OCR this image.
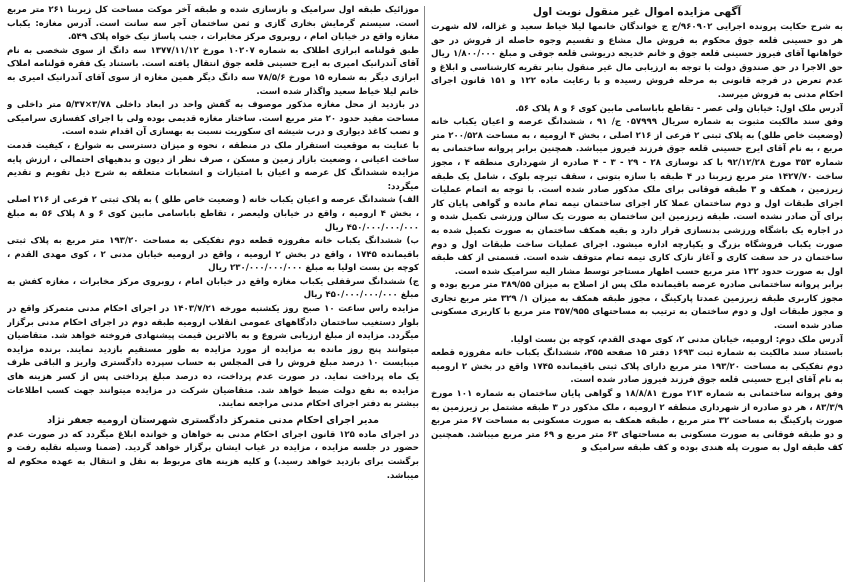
آگهی مزایده اموال غیر منقول نوبت اول

به شرح حکایت پرونده اجرایی ۹۶۰۹۰۲/ح ج خواندگان خانمها لیلا خیاط سعید و غزاله، لاله شهرت هر دو حسینی قلعه جوق محکوم به فروش مال مشاع و تقسیم وجوه حاصله از فروش در حق خواهانها آقای فیروز حسینی قلعه جوق و خانم خدیجه دریوشی قلعه جوقی و مبلغ ۱/۸۰۰/۰۰۰ ریال حق الاجرا در حق صندوق دولت با توجه به ارزیابی مال غیر منقول بنابر تقریه کارشناسی و ابلاغ و عدم تعرض در فرجه قانونی به مرحله فروش رسیده و با رعایت ماده ۱۲۲ و ۱۵۱ قانون اجرای احکام مدنی به فروش میرسد.

آدرس ملک اول: خیابان ولی عصر - تقاطع باباسامی مابین کوی ۶ و ۸ پلاک ۵۶.

وفق سند مالکیت مثبوت به شماره سریال ۰۵۷۹۹۹ ج/ ۹۱ ، ششدانگ عرصه و اعیان یکباب خانه (وضعیت خاص طلق) به پلاک ثبتی ۲ فرعی از ۲۱۶ اصلی ، بخش ۴ ارومیه ، به مساحت ۲۰۰/۵۲۸ متر مربع ، به نام آقای ایرج حسینی قلعه جوق فرزند فیروز میباشد. همچنین برابر پروانه ساختمانی به شماره ۳۵۳ مورخ ۹۲/۱۲/۲۸ با کد نوسازی ۲۸ - ۲۹ - ۳ - ۴ صادره از شهرداری منطقه ۴ ، مجوز ساخت ۱۴۲۷/۷۰ متر مربع زیربنا در ۴ طبقه با سازه بتونی ، سقف تیرچه بلوک ، شامل یک طبقه زیرزمین ، همکف و ۳ طبقه فوقانی برای ملک مذکور صادر شده است. با توجه به اتمام عملیات اجرای طبقات اول و دوم ساختمان عملا کار اجرای ساختمان نیمه تمام مانده و گواهی پایان کار برای آن صادر نشده است. طبقه زیرزمین این ساختمان به صورت یک سالن ورزشی تکمیل شده و در اجاره یک باشگاه ورزشی بدنسازی قرار دارد و بقیه همکف ساختمان به صورت تکمیل شده به صورت یکباب فروشگاه بزرگ و یکپارچه اداره میشود. اجرای عملیات ساخت طبقات اول و دوم ساختمان در حد سفت کاری و آغاز نازک کاری تیمه تمام متوقف شده است. قسمتی از کف طبقه اول به صورت حدود ۱۳۲ متر مربع حسب اظهار مستاجر توسط مشار الیه سرامیک شده است.

برابر پروانه ساختمانی صادره عرصه باقیمانده ملک پس از اصلاح به میزان ۳۸۹/۵۵ متر مربع بوده و مجوز کاربری طبقه زیرزمین عمدتا پارکینگ ، مجوز طبقه همکف به میزان ۱/ ۳۲۹ متر مربع تجاری و مجوز طبقات اول و دوم ساختمان به ترتیب به مساحتهای ۳۵۷/۹۵۵ متر مربع با کاربری مسکونی صادر شده است.

آدرس ملک دوم: ارومیه، خیابان مدنی ۲، کوی مهدی القدم، کوچه بن بست اولیا.

باستناد سند مالکیت به شماره ثبت ۱۶۹۳ دفتر ۱۵ صفحه ۳۵۵، ششدانگ یکباب خانه مفروزه قطعه دوم تفکیکی به مساحت ۱۹۳/۲۰ متر مربع دارای پلاک ثبتی باقیمانده ۱۷۴۵ واقع در بخش ۲ ارومیه به نام آقای ایرج حسینی قلعه جوق فرزند فیروز صادر شده است.

وفق پروانه ساختمانی به شماره ۲۱۳ مورخ ۱۸/۸/۸۱ و گواهی پایان ساختمان به شماره ۱۰۱ مورخ ۸۳/۳/۹ ، هر دو صادره از شهرداری منطقه ۲ ارومیه ، ملک مذکور در ۳ طبقه مشتمل بر زیرزمین به صورت پارکینگ به مساحت ۳۲ متر مربع ، طبقه همکف به صورت مسکونی به مساحت ۶۷ متر مربع و دو طبقه فوقانی به صورت مسکونی به مساحتهای ۶۳ متر مربع و ۶۹ متر مربع میباشد. همچنین کف طبقه اول به صورت پله هندی بوده و کف طبقه سرامیک و

موزائیک طبقه اول سرامیک و بازسازی شده و طبقه آخر موکت مساحت کل زیربنا ۲۶۱ متر مربع است. سیستم گرمایش بخاری گازی و ثمن ساختمان آجر سه سانت است. آدرس مغازه: یکباب مغازه واقع در خیابان امام ، روبروی مرکز مخابرات ، جنب پاساژ نیک خواه پلاک ۵۴۹.

طبق قولنامه ابرازی اطلاک به شماره ۱۰۲۰۷ مورخ ۱۳۷۷/۱۱/۱۲ سه دانگ از سوی شخصی به نام آقای آندرانیک امیری به ایرج حسینی قلعه جوق انتقال یافته است. باستناد یک فقره قولنامه املاک ابرازی دیگر به شماره ۱۵ مورخ ۷۸/۵/۶ سه دانگ دیگر همین مغازه از سوی آقای آندرانیک امیری به خانم لیلا خیاط سعید واگذار شده است.

در بازدید از محل مغازه مذکور موصوف به گفش واحد در ابعاد داخلی ۳/۷۸×۵/۳۷ متر داخلی و مساحت مفید حدود ۲۰ متر مربع است. ساختار مغازه قدیمی بوده ولی با اجرای کفسازی سرامیکی و نصب کاغذ دیواری و درب شیشه ای سکوریت نسبت به بهسازی آن اقدام شده است.

با عنایت به موقعیت استقرار ملک در منطقه ، نحوه و میزان دسترسی به شوارع ، کیفیت قدمت ساخت اعیانی ، وضعیت بازار زمین و مسکن ، صرف نظر از دیون و بدهیهای احتمالی ، ارزش پایه مزایده ششدانگ کل عرصه و اعیان با امتیازات و انشعابات متعلقه به شرح ذیل تقویم و تقدیم میگردد:

الف) ششدانگ عرصه و اعیان یکباب خانه ( وضعیت خاص طلق ) به پلاک ثبتی ۲ فرعی از ۲۱۶ اصلی ، بخش ۴ ارومیه ، واقع در خیابان ولیعصر ، تقاطع باباسامی مابین کوی ۶ و ۸ پلاک ۵۶ به مبلغ ۴۵۰/۰۰۰/۰۰۰/۰۰۰ ریال

ب) ششدانگ یکباب خانه مفروزه قطعه دوم تفکیکی به مساحت ۱۹۳/۲۰ متر مربع به پلاک ثبتی باقیمانده ۱۷۴۵ ، واقع در بخش ۲ ارومیه ، واقع در ارومیه خیابان مدنی ۲ ، کوی مهدی القدم ، کوچه بن بست اولیا به مبلغ ۲۳۰/۰۰۰/۰۰۰/۰۰۰ ریال

ج) ششدانگ سرقفلی یکباب مغازه واقع در خیابان امام ، روبروی مرکز مخابرات ، مغازه کفش به مبلغ ۴۵۰/۰۰۰/۰۰۰/۰۰۰ ریال

مزایده راس ساعت ۱۰ صبح روز یکشنبه مورخه ۱۴۰۳/۷/۲۱ در اجرای احکام مدنی متمرکز واقع در بلوار دستغیب ساختمان دادگاههای عمومی انقلاب ارومیه طبقه دوم در اجرای احکام مدنی برگزار میگردد. مزایده از مبلغ ارزیابی شروع و به بالاترین قیمت پیشنهادی فروخته خواهد شد. متقاضیان میتوانند پنج روز مانده به مزایده از مورد مزایده به طور مستقیم بازدید نمایند. برنده مزایده میبایست ۱۰ درصد مبلغ فروش را فی المجلس به حساب سپرده دادگستری واریز و الباقی ظرف یک ماه پرداخت نماید. در صورت عدم پرداخت، ده درصد مبلغ پرداختی پس از کسر هزینه های مزایده به نفع دولت ضبط خواهد شد. متقاضیان شرکت در مزایده میتوانند جهت کسب اطلاعات بیشتر به دفتر اجرای احکام مدنی مراجعه نمایند.

مدیر اجرای احکام مدنی متمرکز دادگستری شهرستان ارومیه جعفر نژاد

در اجرای ماده ۱۲۵ قانون اجرای احکام مدنی به خواهان و خوانده ابلاغ میگردد که در صورت عدم حضور در جلسه مزایده ، مزایده در غیاب ایشان برگزار خواهد گردید. (ضمنا وسیله نقلیه رفت و برگشت برای بازدید خواهد رسید.) و کلیه هزینه های مربوط به نقل و انتقال به عهده محکوم له میباشد.
